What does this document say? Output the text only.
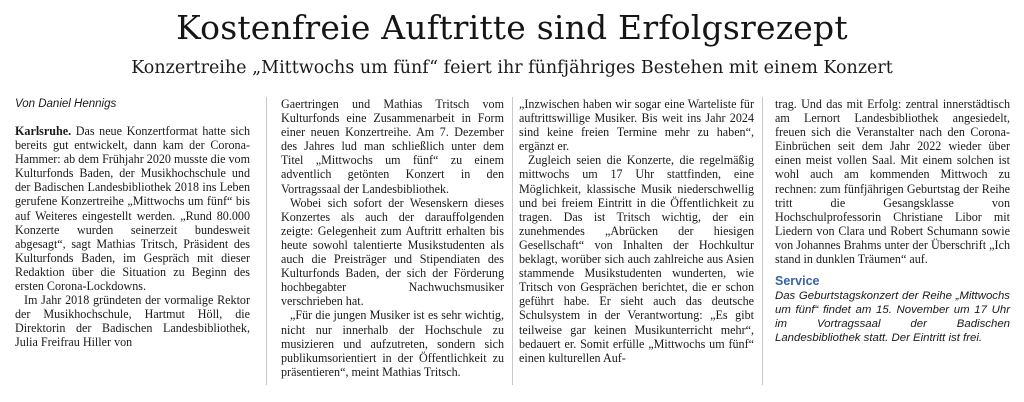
Kostenfreie Auftritte sind Erfolgsrezept
Konzertreihe „Mittwochs um fünf“ feiert ihr fünfjähriges Bestehen mit einem Konzert
Von Daniel Hennigs

Karlsruhe. Das neue Konzertformat hatte sich bereits gut entwickelt, dann kam der Corona-Hammer: ab dem Frühjahr 2020 musste die vom Kulturfonds Baden, der Musikhochschule und der Badischen Landesbibliothek 2018 ins Leben gerufene Konzertreihe „Mittwochs um fünf“ bis auf Weiteres eingestellt werden. „Rund 80.000 Konzerte wurden seinerzeit bundesweit abgesagt“, sagt Mathias Tritsch, Präsident des Kulturfonds Baden, im Gespräch mit dieser Redaktion über die Situation zu Beginn des ersten Corona-Lockdowns.

Im Jahr 2018 gründeten der vormalige Rektor der Musikhochschule, Hartmut Höll, die Direktorin der Badischen Landesbibliothek, Julia Freifrau Hiller von

Gaertringen und Mathias Tritsch vom Kulturfonds eine Zusammenarbeit in Form einer neuen Konzertreihe. Am 7. Dezember des Jahres lud man schließlich unter dem Titel „Mittwochs um fünf“ zu einem adventlich getönten Konzert in den Vortragssaal der Landesbibliothek.

Wobei sich sofort der Wesenskern dieses Konzertes als auch der darauffolgenden zeigte: Gelegenheit zum Auftritt erhalten bis heute sowohl talentierte Musikstudenten als auch die Preisträger und Stipendiaten des Kulturfonds Baden, der sich der Förderung hochbegabter Nachwuchsmusiker verschrieben hat.

„Für die jungen Musiker ist es sehr wichtig, nicht nur innerhalb der Hochschule zu musizieren und aufzutreten, sondern sich publikumsorientiert in der Öffentlichkeit zu präsentieren“, meint Mathias Tritsch.

„Inzwischen haben wir sogar eine Warteliste für auftrittswillige Musiker. Bis weit ins Jahr 2024 sind keine freien Termine mehr zu haben“, ergänzt er.

Zugleich seien die Konzerte, die regelmäßig mittwochs um 17 Uhr stattfinden, eine Möglichkeit, klassische Musik niederschwellig und bei freiem Eintritt in die Öffentlichkeit zu tragen. Das ist Tritsch wichtig, der ein zunehmendes „Abrücken der hiesigen Gesellschaft“ von Inhalten der Hochkultur beklagt, worüber sich auch zahlreiche aus Asien stammende Musikstudenten wunderten, wie Tritsch von Gesprächen berichtet, die er schon geführt habe. Er sieht auch das deutsche Schulsystem in der Verantwortung: „Es gibt teilweise gar keinen Musikunterricht mehr“, bedauert er. Somit erfülle „Mittwochs um fünf“ einen kulturellen Auf-

trag. Und das mit Erfolg: zentral innerstädtisch am Lernort Landesbibliothek angesiedelt, freuen sich die Veranstalter nach den Corona-Einbrüchen seit dem Jahr 2022 wieder über einen meist vollen Saal. Mit einem solchen ist wohl auch am kommenden Mittwoch zu rechnen: zum fünfjährigen Geburtstag der Reihe tritt die Gesangsklasse von Hochschulprofessorin Christiane Libor mit Liedern von Clara und Robert Schumann sowie von Johannes Brahms unter der Überschrift „Ich stand in dunklen Träumen“ auf.

Service
Das Geburtstagskonzert der Reihe „Mittwochs um fünf“ findet am 15. November um 17 Uhr im Vortragssaal der Badischen Landesbibliothek statt. Der Eintritt ist frei.
